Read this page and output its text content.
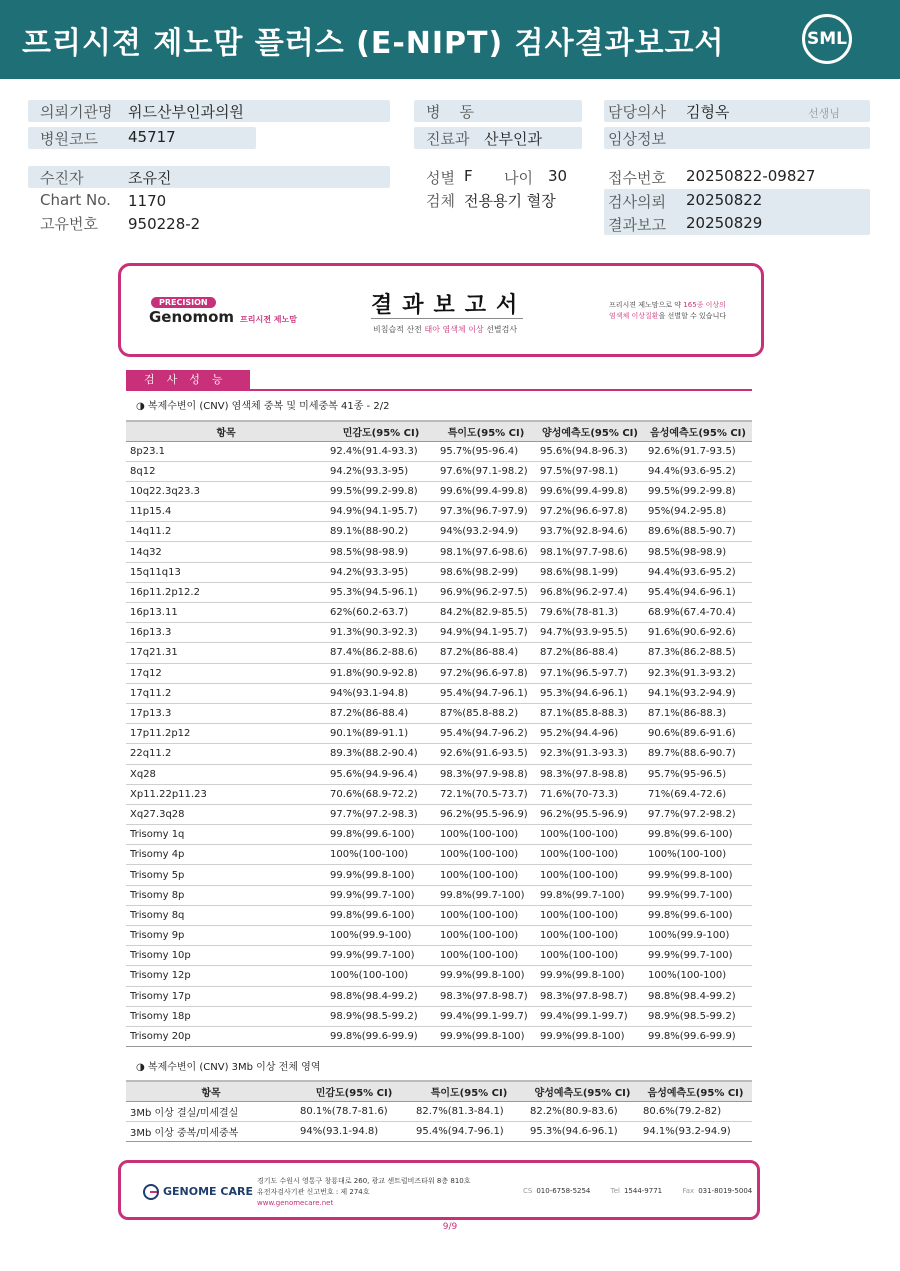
프리시젼 제노맘 플러스 (E-NIPT) 검사결과보고서	SML
의뢰기관명 위드산부인과의원
병원코드 45717
병    동
진료과 산부인과
담당의사 김형옥	선생님
임상정보
수진자	조유진
Chart No. 1170
고유번호 950228-2
성별 F 나이 30
검체 전용용기 혈장
접수번호 20250822-09827
검사의뢰 20250822
결과보고 20250829
PRECISION
Genomom 프리시젼 제노맘
결과보고서
비침습적 산전 태아 염색체 이상 선별검사
프리시젼 제노맘으로 약 165종 이상의
염색체 이상질환을 선별할 수 있습니다
검사성능
◑ 복제수변이 (CNV) 염색체 중복 및 미세중복 41종 - 2/2
항목	민감도(95% CI)	특이도(95% CI)	양성예측도(95% CI)	음성예측도(95% CI)
8p23.1	92.4%(91.4-93.3)	95.7%(95-96.4)	95.6%(94.8-96.3)	92.6%(91.7-93.5)
8q12	94.2%(93.3-95)	97.6%(97.1-98.2)	97.5%(97-98.1)	94.4%(93.6-95.2)
10q22.3q23.3	99.5%(99.2-99.8)	99.6%(99.4-99.8)	99.6%(99.4-99.8)	99.5%(99.2-99.8)
11p15.4	94.9%(94.1-95.7)	97.3%(96.7-97.9)	97.2%(96.6-97.8)	95%(94.2-95.8)
14q11.2	89.1%(88-90.2)	94%(93.2-94.9)	93.7%(92.8-94.6)	89.6%(88.5-90.7)
14q32	98.5%(98-98.9)	98.1%(97.6-98.6)	98.1%(97.7-98.6)	98.5%(98-98.9)
15q11q13	94.2%(93.3-95)	98.6%(98.2-99)	98.6%(98.1-99)	94.4%(93.6-95.2)
16p11.2p12.2	95.3%(94.5-96.1)	96.9%(96.2-97.5)	96.8%(96.2-97.4)	95.4%(94.6-96.1)
16p13.11	62%(60.2-63.7)	84.2%(82.9-85.5)	79.6%(78-81.3)	68.9%(67.4-70.4)
16p13.3	91.3%(90.3-92.3)	94.9%(94.1-95.7)	94.7%(93.9-95.5)	91.6%(90.6-92.6)
17q21.31	87.4%(86.2-88.6)	87.2%(86-88.4)	87.2%(86-88.4)	87.3%(86.2-88.5)
17q12	91.8%(90.9-92.8)	97.2%(96.6-97.8)	97.1%(96.5-97.7)	92.3%(91.3-93.2)
17q11.2	94%(93.1-94.8)	95.4%(94.7-96.1)	95.3%(94.6-96.1)	94.1%(93.2-94.9)
17p13.3	87.2%(86-88.4)	87%(85.8-88.2)	87.1%(85.8-88.3)	87.1%(86-88.3)
17p11.2p12	90.1%(89-91.1)	95.4%(94.7-96.2)	95.2%(94.4-96)	90.6%(89.6-91.6)
22q11.2	89.3%(88.2-90.4)	92.6%(91.6-93.5)	92.3%(91.3-93.3)	89.7%(88.6-90.7)
Xq28	95.6%(94.9-96.4)	98.3%(97.9-98.8)	98.3%(97.8-98.8)	95.7%(95-96.5)
Xp11.22p11.23	70.6%(68.9-72.2)	72.1%(70.5-73.7)	71.6%(70-73.3)	71%(69.4-72.6)
Xq27.3q28	97.7%(97.2-98.3)	96.2%(95.5-96.9)	96.2%(95.5-96.9)	97.7%(97.2-98.2)
Trisomy 1q	99.8%(99.6-100)	100%(100-100)	100%(100-100)	99.8%(99.6-100)
Trisomy 4p	100%(100-100)	100%(100-100)	100%(100-100)	100%(100-100)
Trisomy 5p	99.9%(99.8-100)	100%(100-100)	100%(100-100)	99.9%(99.8-100)
Trisomy 8p	99.9%(99.7-100)	99.8%(99.7-100)	99.8%(99.7-100)	99.9%(99.7-100)
Trisomy 8q	99.8%(99.6-100)	100%(100-100)	100%(100-100)	99.8%(99.6-100)
Trisomy 9p	100%(99.9-100)	100%(100-100)	100%(100-100)	100%(99.9-100)
Trisomy 10p	99.9%(99.7-100)	100%(100-100)	100%(100-100)	99.9%(99.7-100)
Trisomy 12p	100%(100-100)	99.9%(99.8-100)	99.9%(99.8-100)	100%(100-100)
Trisomy 17p	98.8%(98.4-99.2)	98.3%(97.8-98.7)	98.3%(97.8-98.7)	98.8%(98.4-99.2)
Trisomy 18p	98.9%(98.5-99.2)	99.4%(99.1-99.7)	99.4%(99.1-99.7)	98.9%(98.5-99.2)
Trisomy 20p	99.8%(99.6-99.9)	99.9%(99.8-100)	99.9%(99.8-100)	99.8%(99.6-99.9)
◑ 복제수변이 (CNV) 3Mb 이상 전체 영역
항목	민감도(95% CI)	특이도(95% CI)	양성예측도(95% CI)	음성예측도(95% CI)
3Mb 이상 결실/미세결실	80.1%(78.7-81.6)	82.7%(81.3-84.1)	82.2%(80.9-83.6)	80.6%(79.2-82)
3Mb 이상 중복/미세중복	94%(93.1-94.8)	95.4%(94.7-96.1)	95.3%(94.6-96.1)	94.1%(93.2-94.9)
GENOME CARE
경기도 수원시 영통구 창룡대로 260, 광교 센트럴비즈타워 8층 810호
유전자검사기관 신고번호 : 제 274호
www.genomecare.net
CS 010-6758-5254	Tel 1544-9771	Fax 031-8019-5004
9/9
